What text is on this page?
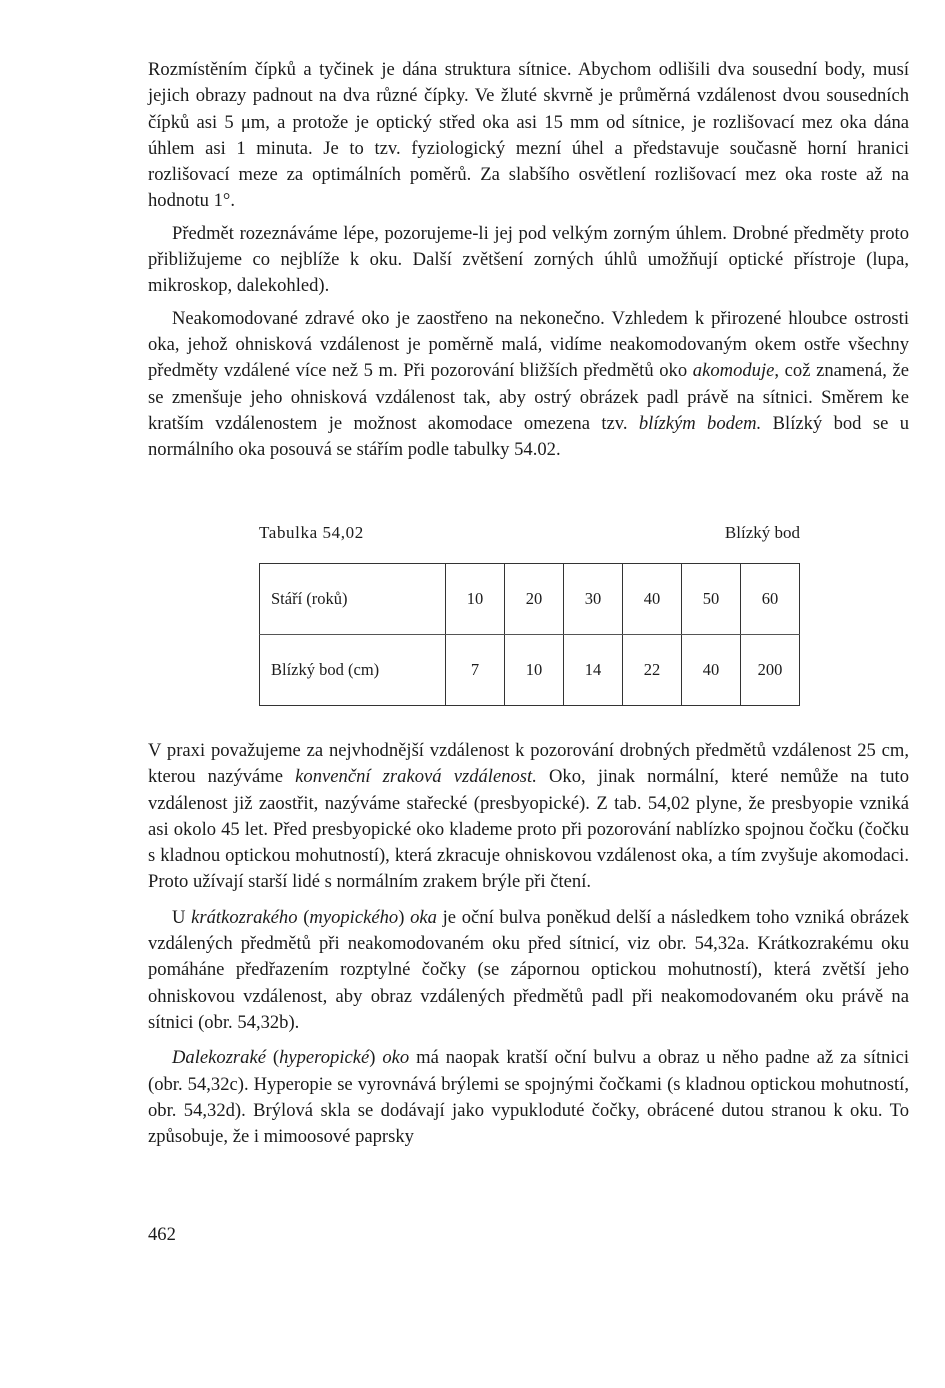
Rozmístěním čípků a tyčinek je dána struktura sítnice. Abychom odlišili dva sousední body, musí jejich obrazy padnout na dva různé čípky. Ve žluté skvrně je průměrná vzdálenost dvou sousedních čípků asi 5 μm, a protože je optický střed oka asi 15 mm od sítnice, je rozlišovací mez oka dána úhlem asi 1 minuta. Je to tzv. fyziologický mezní úhel a představuje současně horní hranici rozlišovací meze za optimálních poměrů. Za slabšího osvětlení rozlišovací mez oka roste až na hodnotu 1°.

Předmět rozeznáváme lépe, pozorujeme-li jej pod velkým zorným úhlem. Drobné předměty proto přibližujeme co nejblíže k oku. Další zvětšení zorných úhlů umožňují optické přístroje (lupa, mikroskop, dalekohled).

Neakomodované zdravé oko je zaostřeno na nekonečno. Vzhledem k přirozené hloubce ostrosti oka, jehož ohnisková vzdálenost je poměrně malá, vidíme neakomodovaným okem ostře všechny předměty vzdálené více než 5 m. Při pozorování bližších předmětů oko akomoduje, což znamená, že se zmenšuje jeho ohnisková vzdálenost tak, aby ostrý obrázek padl právě na sítnici. Směrem ke kratším vzdálenostem je možnost akomodace omezena tzv. blízkým bodem. Blízký bod se u normálního oka posouvá se stářím podle tabulky 54.02.

Tabulka 54,02	Blízký bod
Stáří (roků)	10	20	30	40	50	60
Blízký bod (cm)	7	10	14	22	40	200

V praxi považujeme za nejvhodnější vzdálenost k pozorování drobných předmětů vzdálenost 25 cm, kterou nazýváme konvenční zraková vzdálenost. Oko, jinak normální, které nemůže na tuto vzdálenost již zaostřit, nazýváme stařecké (presbyopické). Z tab. 54,02 plyne, že presbyopie vzniká asi okolo 45 let. Před presbyopické oko klademe proto při pozorování nablízko spojnou čočku (čočku s kladnou optickou mohutností), která zkracuje ohniskovou vzdálenost oka, a tím zvyšuje akomodaci. Proto užívají starší lidé s normálním zrakem brýle při čtení.

U krátkozrakého (myopického) oka je oční bulva poněkud delší a následkem toho vzniká obrázek vzdálených předmětů při neakomodovaném oku před sítnicí, viz obr. 54,32a. Krátkozrakému oku pomáháne předřazením rozptylné čočky (se zápornou optickou mohutností), která zvětší jeho ohniskovou vzdálenost, aby obraz vzdálených předmětů padl při neakomodovaném oku právě na sítnici (obr. 54,32b).

Dalekozraké (hyperopické) oko má naopak kratší oční bulvu a obraz u něho padne až za sítnici (obr. 54,32c). Hyperopie se vyrovnává brýlemi se spojnými čočkami (s kladnou optickou mohutností, obr. 54,32d). Brýlová skla se dodávají jako vypukloduté čočky, obrácené dutou stranou k oku. To způsobuje, že i mimoosové paprsky

462
